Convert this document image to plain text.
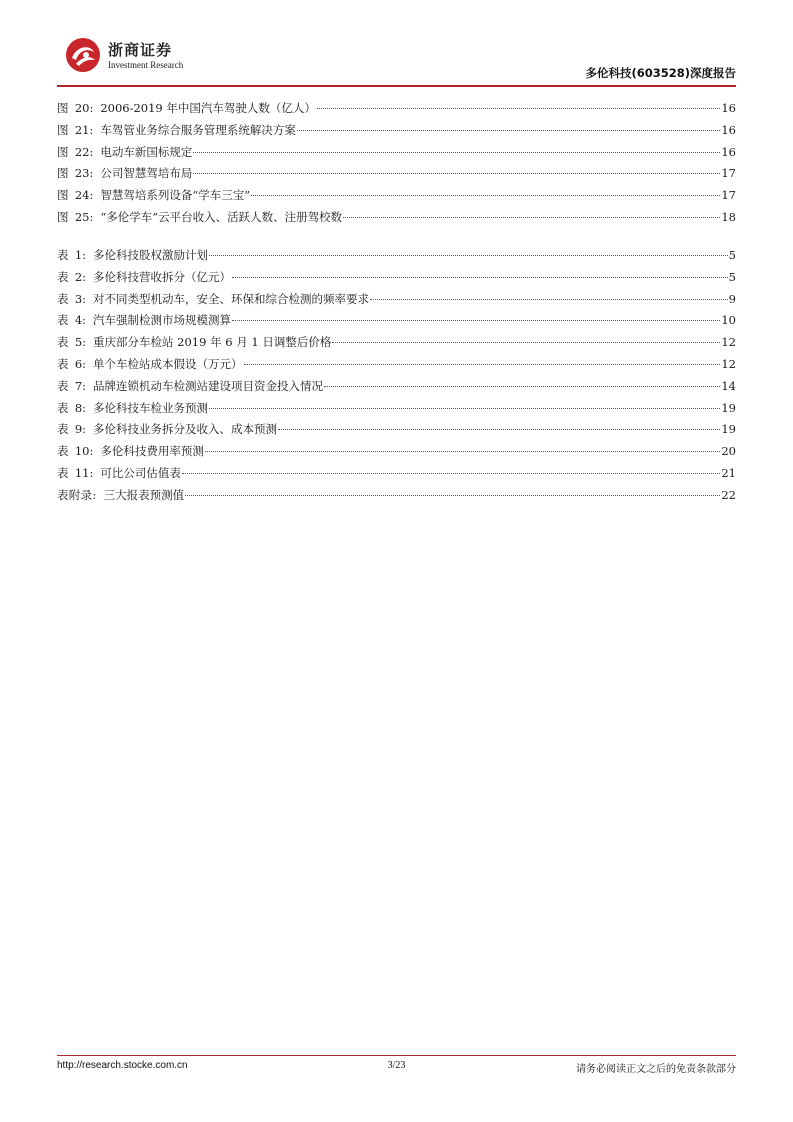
浙商证券
Investment Research
多伦科技(603528)深度报告
图 20: 2006-2019 年中国汽车驾驶人数（亿人）	16
图 21: 车驾管业务综合服务管理系统解决方案	16
图 22: 电动车新国标规定	16
图 23: 公司智慧驾培布局	17
图 24: 智慧驾培系列设备“学车三宝”	17
图 25: “多伦学车”云平台收入、活跃人数、注册驾校数	18
表 1: 多伦科技股权激励计划	5
表 2: 多伦科技营收拆分（亿元）	5
表 3: 对不同类型机动车，安全、环保和综合检测的频率要求	9
表 4: 汽车强制检测市场规模测算	10
表 5: 重庆部分车检站 2019 年 6 月 1 日调整后价格	12
表 6: 单个车检站成本假设（万元）	12
表 7: 品牌连锁机动车检测站建设项目资金投入情况	14
表 8: 多伦科技车检业务预测	19
表 9: 多伦科技业务拆分及收入、成本预测	19
表 10: 多伦科技费用率预测	20
表 11: 可比公司估值表	21
表附录: 三大报表预测值	22
http://research.stocke.com.cn	3/23	请务必阅读正文之后的免责条款部分
